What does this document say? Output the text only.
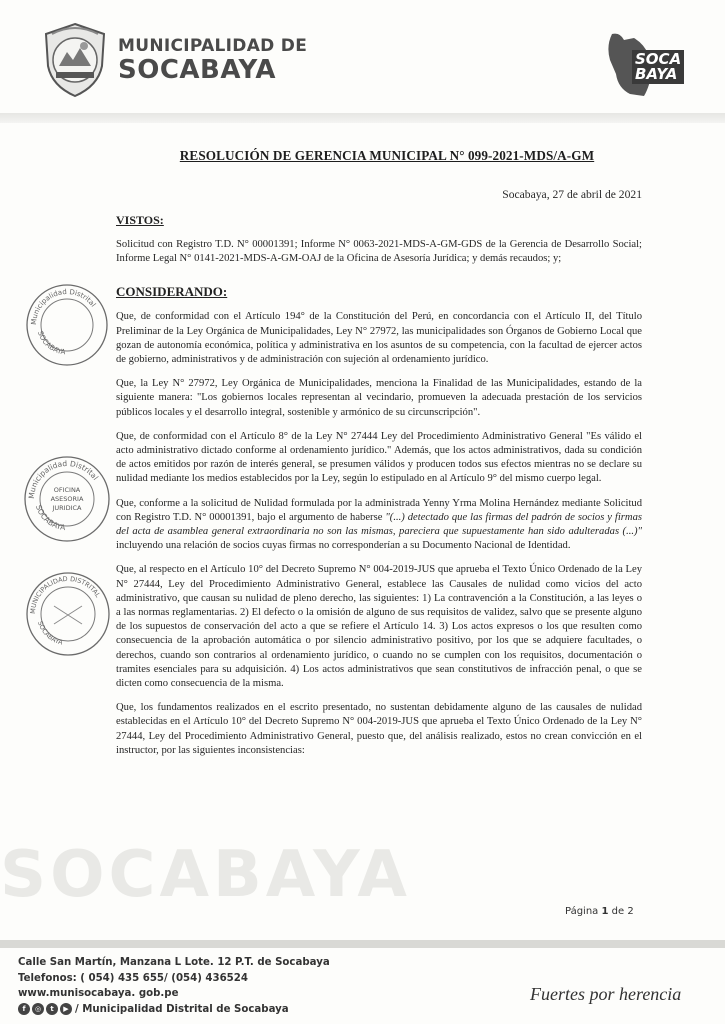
MUNICIPALIDAD DE
SOCABAYA	SOCA
BAYA
SOCABAYA
RESOLUCIÓN DE GERENCIA MUNICIPAL N° 099-2021-MDS/A-GM
Socabaya, 27 de abril de 2021
VISTOS:

Solicitud con Registro T.D. N° 00001391; Informe N° 0063-2021-MDS-A-GM-GDS de la Gerencia de Desarrollo Social; Informe Legal N° 0141-2021-MDS-A-GM-OAJ de la Oficina de Asesoría Jurídica; y demás recaudos; y;

CONSIDERANDO:

Que, de conformidad con el Artículo 194° de la Constitución del Perú, en concordancia con el Artículo II, del Título Preliminar de la Ley Orgánica de Municipalidades, Ley N° 27972, las municipalidades son Órganos de Gobierno Local que gozan de autonomía económica, política y administrativa en los asuntos de su competencia, con la facultad de ejercer actos de gobierno, administrativos y de administración con sujeción al ordenamiento jurídico.

Que, la Ley N° 27972, Ley Orgánica de Municipalidades, menciona la Finalidad de las Municipalidades, estando de la siguiente manera: "Los gobiernos locales representan al vecindario, promueven la adecuada prestación de los servicios públicos locales y el desarrollo integral, sostenible y armónico de su circunscripción".

Que, de conformidad con el Artículo 8° de la Ley N° 27444 Ley del Procedimiento Administrativo General "Es válido el acto administrativo dictado conforme al ordenamiento jurídico." Además, que los actos administrativos, dada su condición de actos emitidos por razón de interés general, se presumen válidos y producen todos sus efectos mientras no se declare su nulidad mediante los medios establecidos por la Ley, según lo estipulado en al Artículo 9° del mismo cuerpo legal.

Que, conforme a la solicitud de Nulidad formulada por la administrada Yenny Yrma Molina Hernández mediante Solicitud con Registro T.D. N° 00001391, bajo el argumento de haberse "(...) detectado que las firmas del padrón de socios y firmas del acta de asamblea general extraordinaria no son las mismas, pareciera que supuestamente han sido adulteradas (...)" incluyendo una relación de socios cuyas firmas no corresponderían a su Documento Nacional de Identidad.

Que, al respecto en el Artículo 10° del Decreto Supremo N° 004-2019-JUS que aprueba el Texto Único Ordenado de la Ley N° 27444, Ley del Procedimiento Administrativo General, establece las Causales de nulidad como vicios del acto administrativo, que causan su nulidad de pleno derecho, las siguientes: 1) La contravención a la Constitución, a las leyes o a las normas reglamentarias. 2) El defecto o la omisión de alguno de sus requisitos de validez, salvo que se presente alguno de los supuestos de conservación del acto a que se refiere el Artículo 14. 3) Los actos expresos o los que resulten como consecuencia de la aprobación automática o por silencio administrativo positivo, por los que se adquiere facultades, o derechos, cuando son contrarios al ordenamiento jurídico, o cuando no se cumplen con los requisitos, documentación o tramites esenciales para su adquisición. 4) Los actos administrativos que sean constitutivos de infracción penal, o que se dicten como consecuencia de la misma.

Que, los fundamentos realizados en el escrito presentado, no sustentan debidamente alguno de las causales de nulidad establecidas en el Artículo 10° del Decreto Supremo N° 004-2019-JUS que aprueba el Texto Único Ordenado de la Ley N° 27444, Ley del Procedimiento Administrativo General, puesto que, del análisis realizado, estos no crean convicción en el instructor, por las siguientes inconsistencias:

Municipalidad Distrital
SOCABAYA
Municipalidad Distrital
SOCABAYA
OFICINA
ASESORIA
JURIDICA
MUNICIPALIDAD DISTRITAL
SOCABAYA
Página 1 de 2
Calle San Martín, Manzana L Lote. 12 P.T. de Socabaya
Telefonos: ( 054) 435 655/ (054) 436524
www.munisocabaya. gob.pe
f	◎	t	▶ / Municipalidad Distrital de Socabaya
Fuertes por herencia
